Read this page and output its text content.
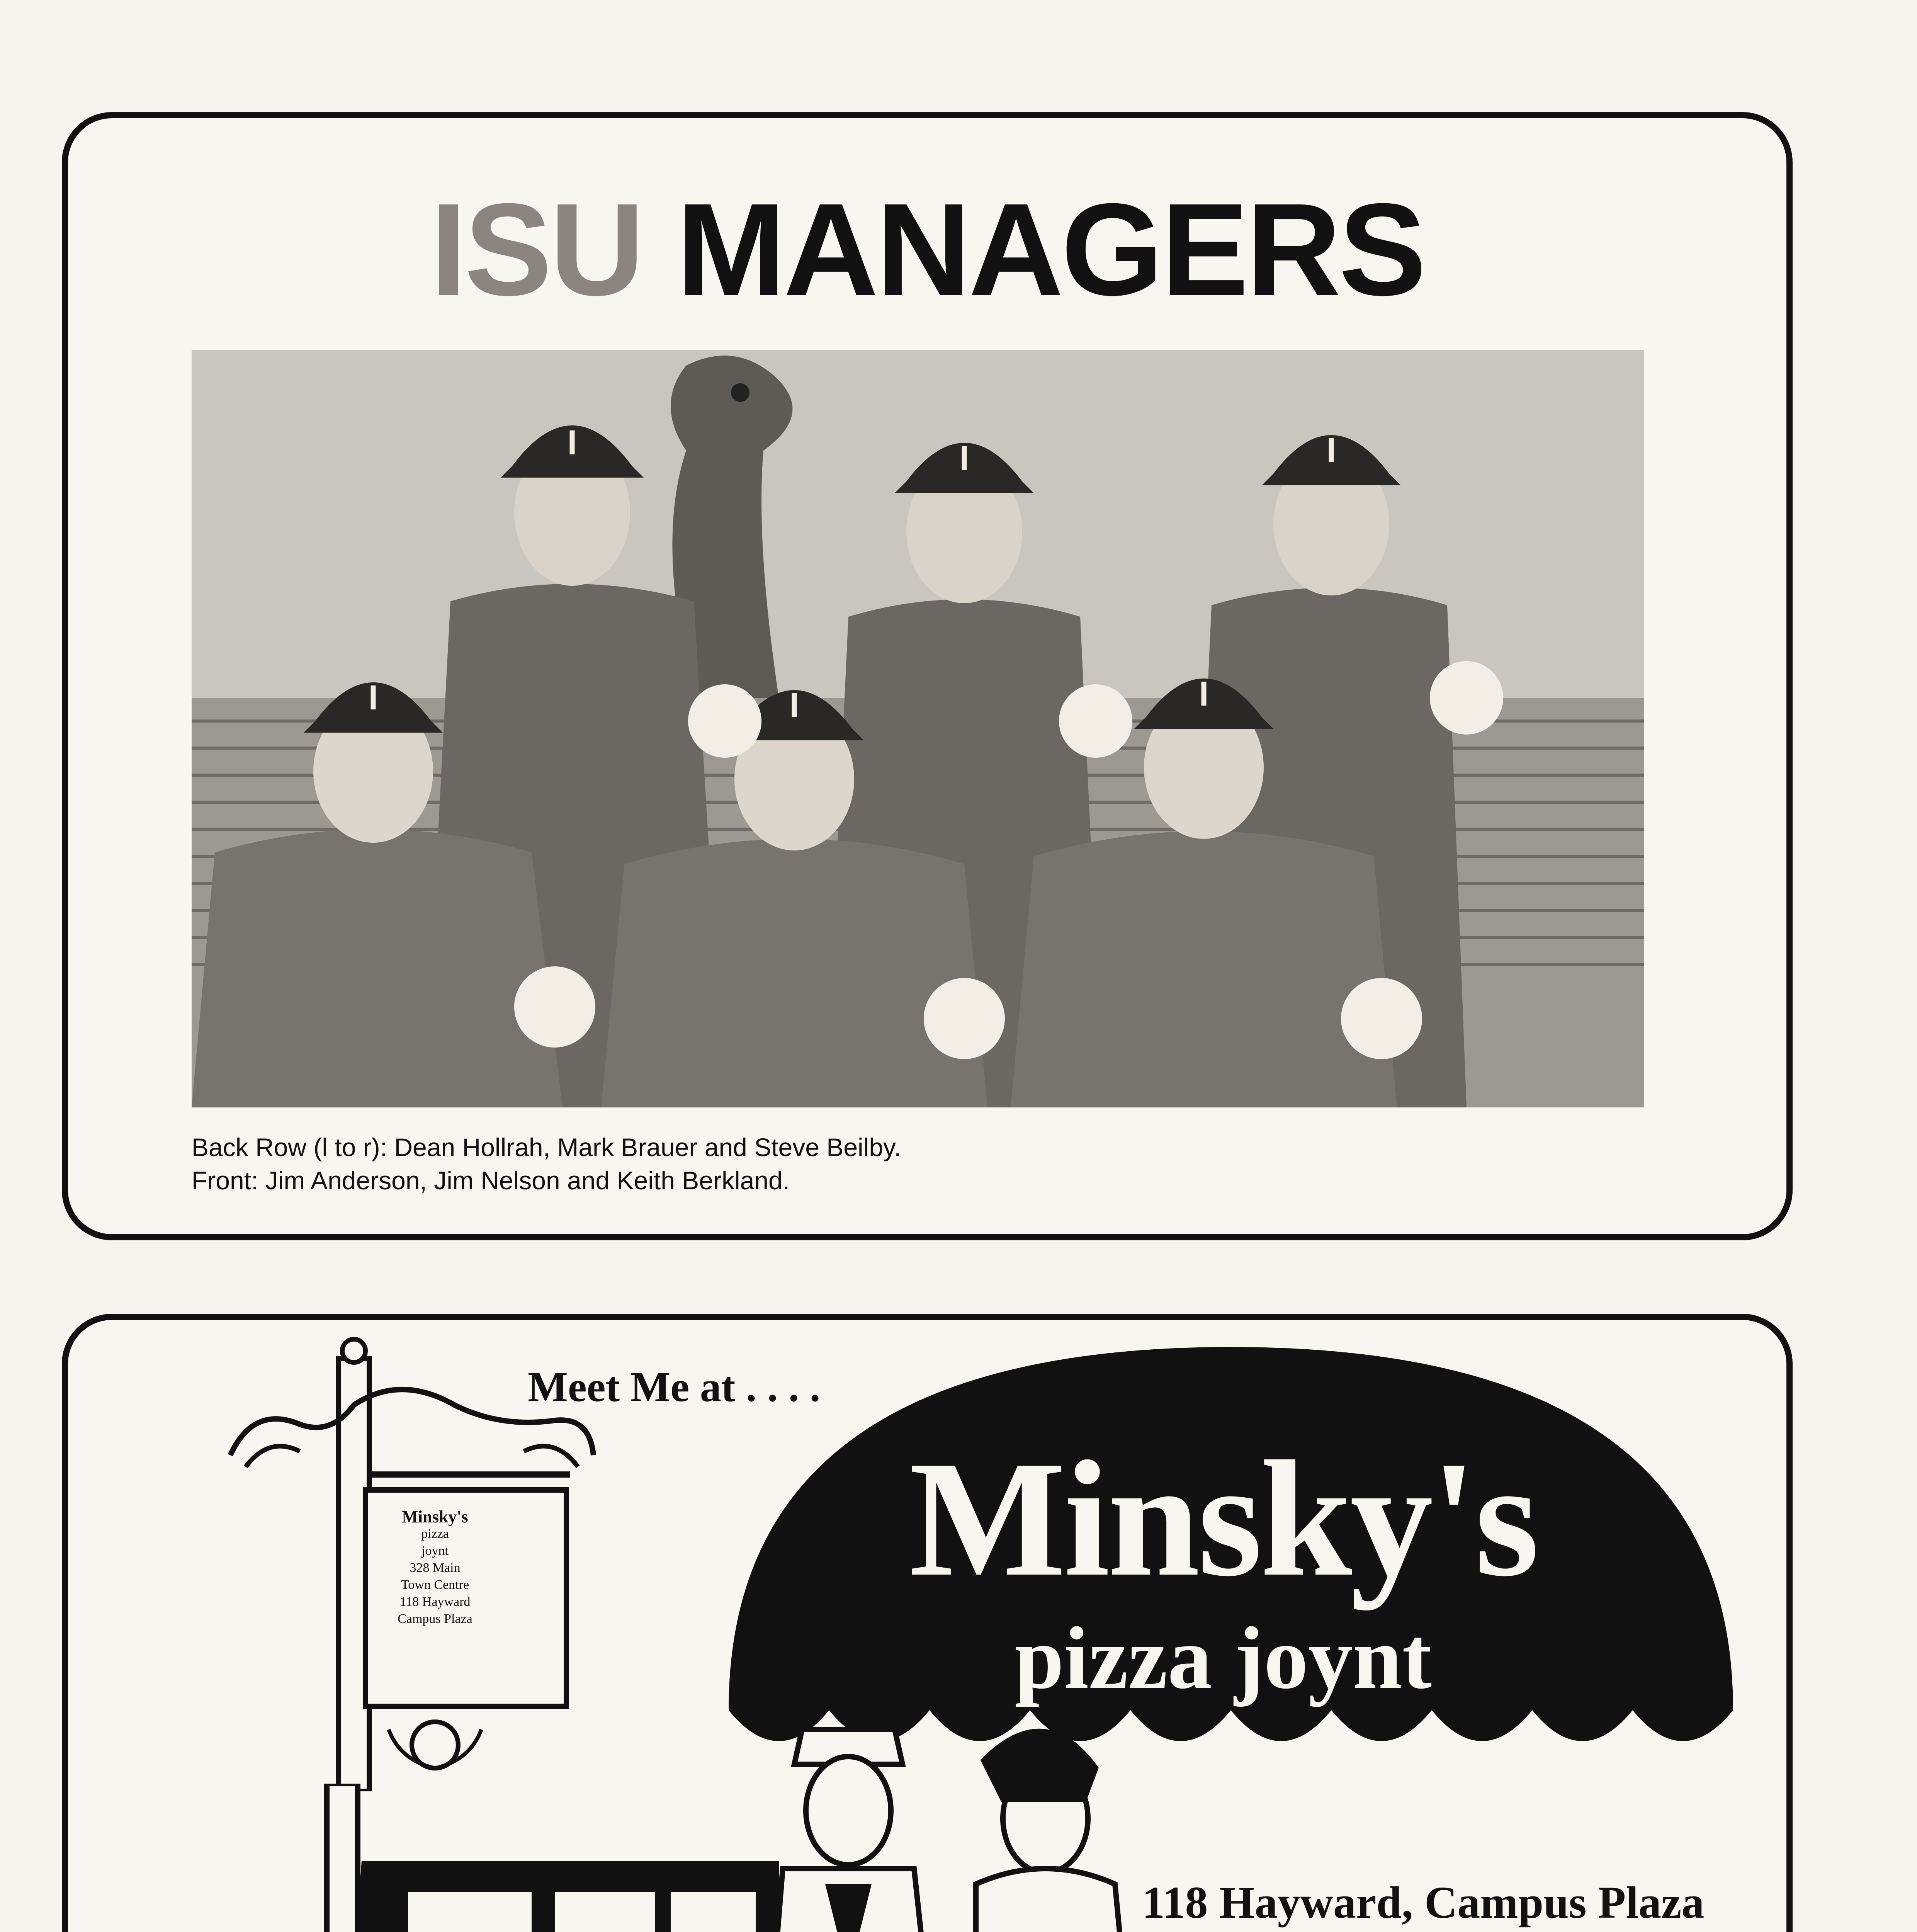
ISU MANAGERS
I	I	I
I	I	I
Back Row (l to r): Dean Hollrah, Mark Brauer and Steve Beilby.
Front: Jim Anderson, Jim Nelson and Keith Berkland.
Meet Me at . . . .
Minsky's
pizza joynt
Minsky's
pizza
joynt
328 Main
Town Centre
118 Hayward
Campus Plaza
118 Hayward, Campus Plaza
